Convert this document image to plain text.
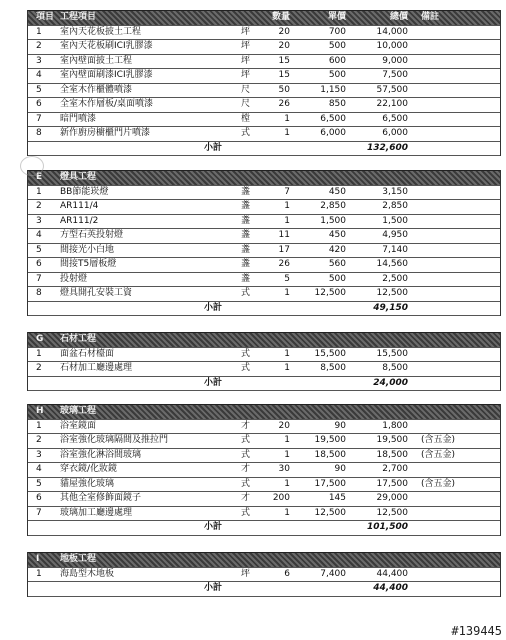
項目 工程項目	數量	單價	總價 備註
1	室內天花板披土工程	坪	20	700	14,000
2	室內天花板刷ICI乳膠漆	坪	20	500	10,000
3	室內壁面披土工程	坪	15	600	9,000
4	室內壁面刷漆ICI乳膠漆	坪	15	500	7,500
5	全室木作櫃體噴漆	尺	50	1,150	57,500
6	全室木作層板/桌面噴漆	尺	26	850	22,100
7	暗門噴漆	樘	1	6,500	6,500
8	新作廚房櫥櫃門片噴漆	式	1	6,000	6,000
小計	132,600
E	燈具工程
1	BB節能崁燈	盞	7	450	3,150
2	AR111/4	盞	1	2,850	2,850
3	AR111/2	盞	1	1,500	1,500
4	方型石英投射燈	盞	11	450	4,950
5	間接光小白地	盞	17	420	7,140
6	間接T5層板燈	盞	26	560	14,560
7	投射燈	盞	5	500	2,500
8	燈具開孔安裝工資	式	1	12,500	12,500
小計	49,150
G	石材工程
1	面盆石材檯面	式	1	15,500	15,500
2	石材加工廳邊處理	式	1	8,500	8,500
小計	24,000
H	玻璃工程
1	浴室鏡面	才	20	90	1,800
2	浴室強化玻璃隔間及推拉門	式	1	19,500	19,500 (含五金)
3	浴室強化淋浴間玻璃	式	1	18,500	18,500 (含五金)
4	穿衣鏡/化妝鏡	才	30	90	2,700
5	貓屋強化玻璃	式	1	17,500	17,500 (含五金)
6	其他全室修飾面鏡子	才	200	145	29,000
7	玻璃加工廳邊處理	式	1	12,500	12,500
小計	101,500
I	地板工程
1	海島型木地板	坪	6	7,400	44,400
小計	44,400
#139445
